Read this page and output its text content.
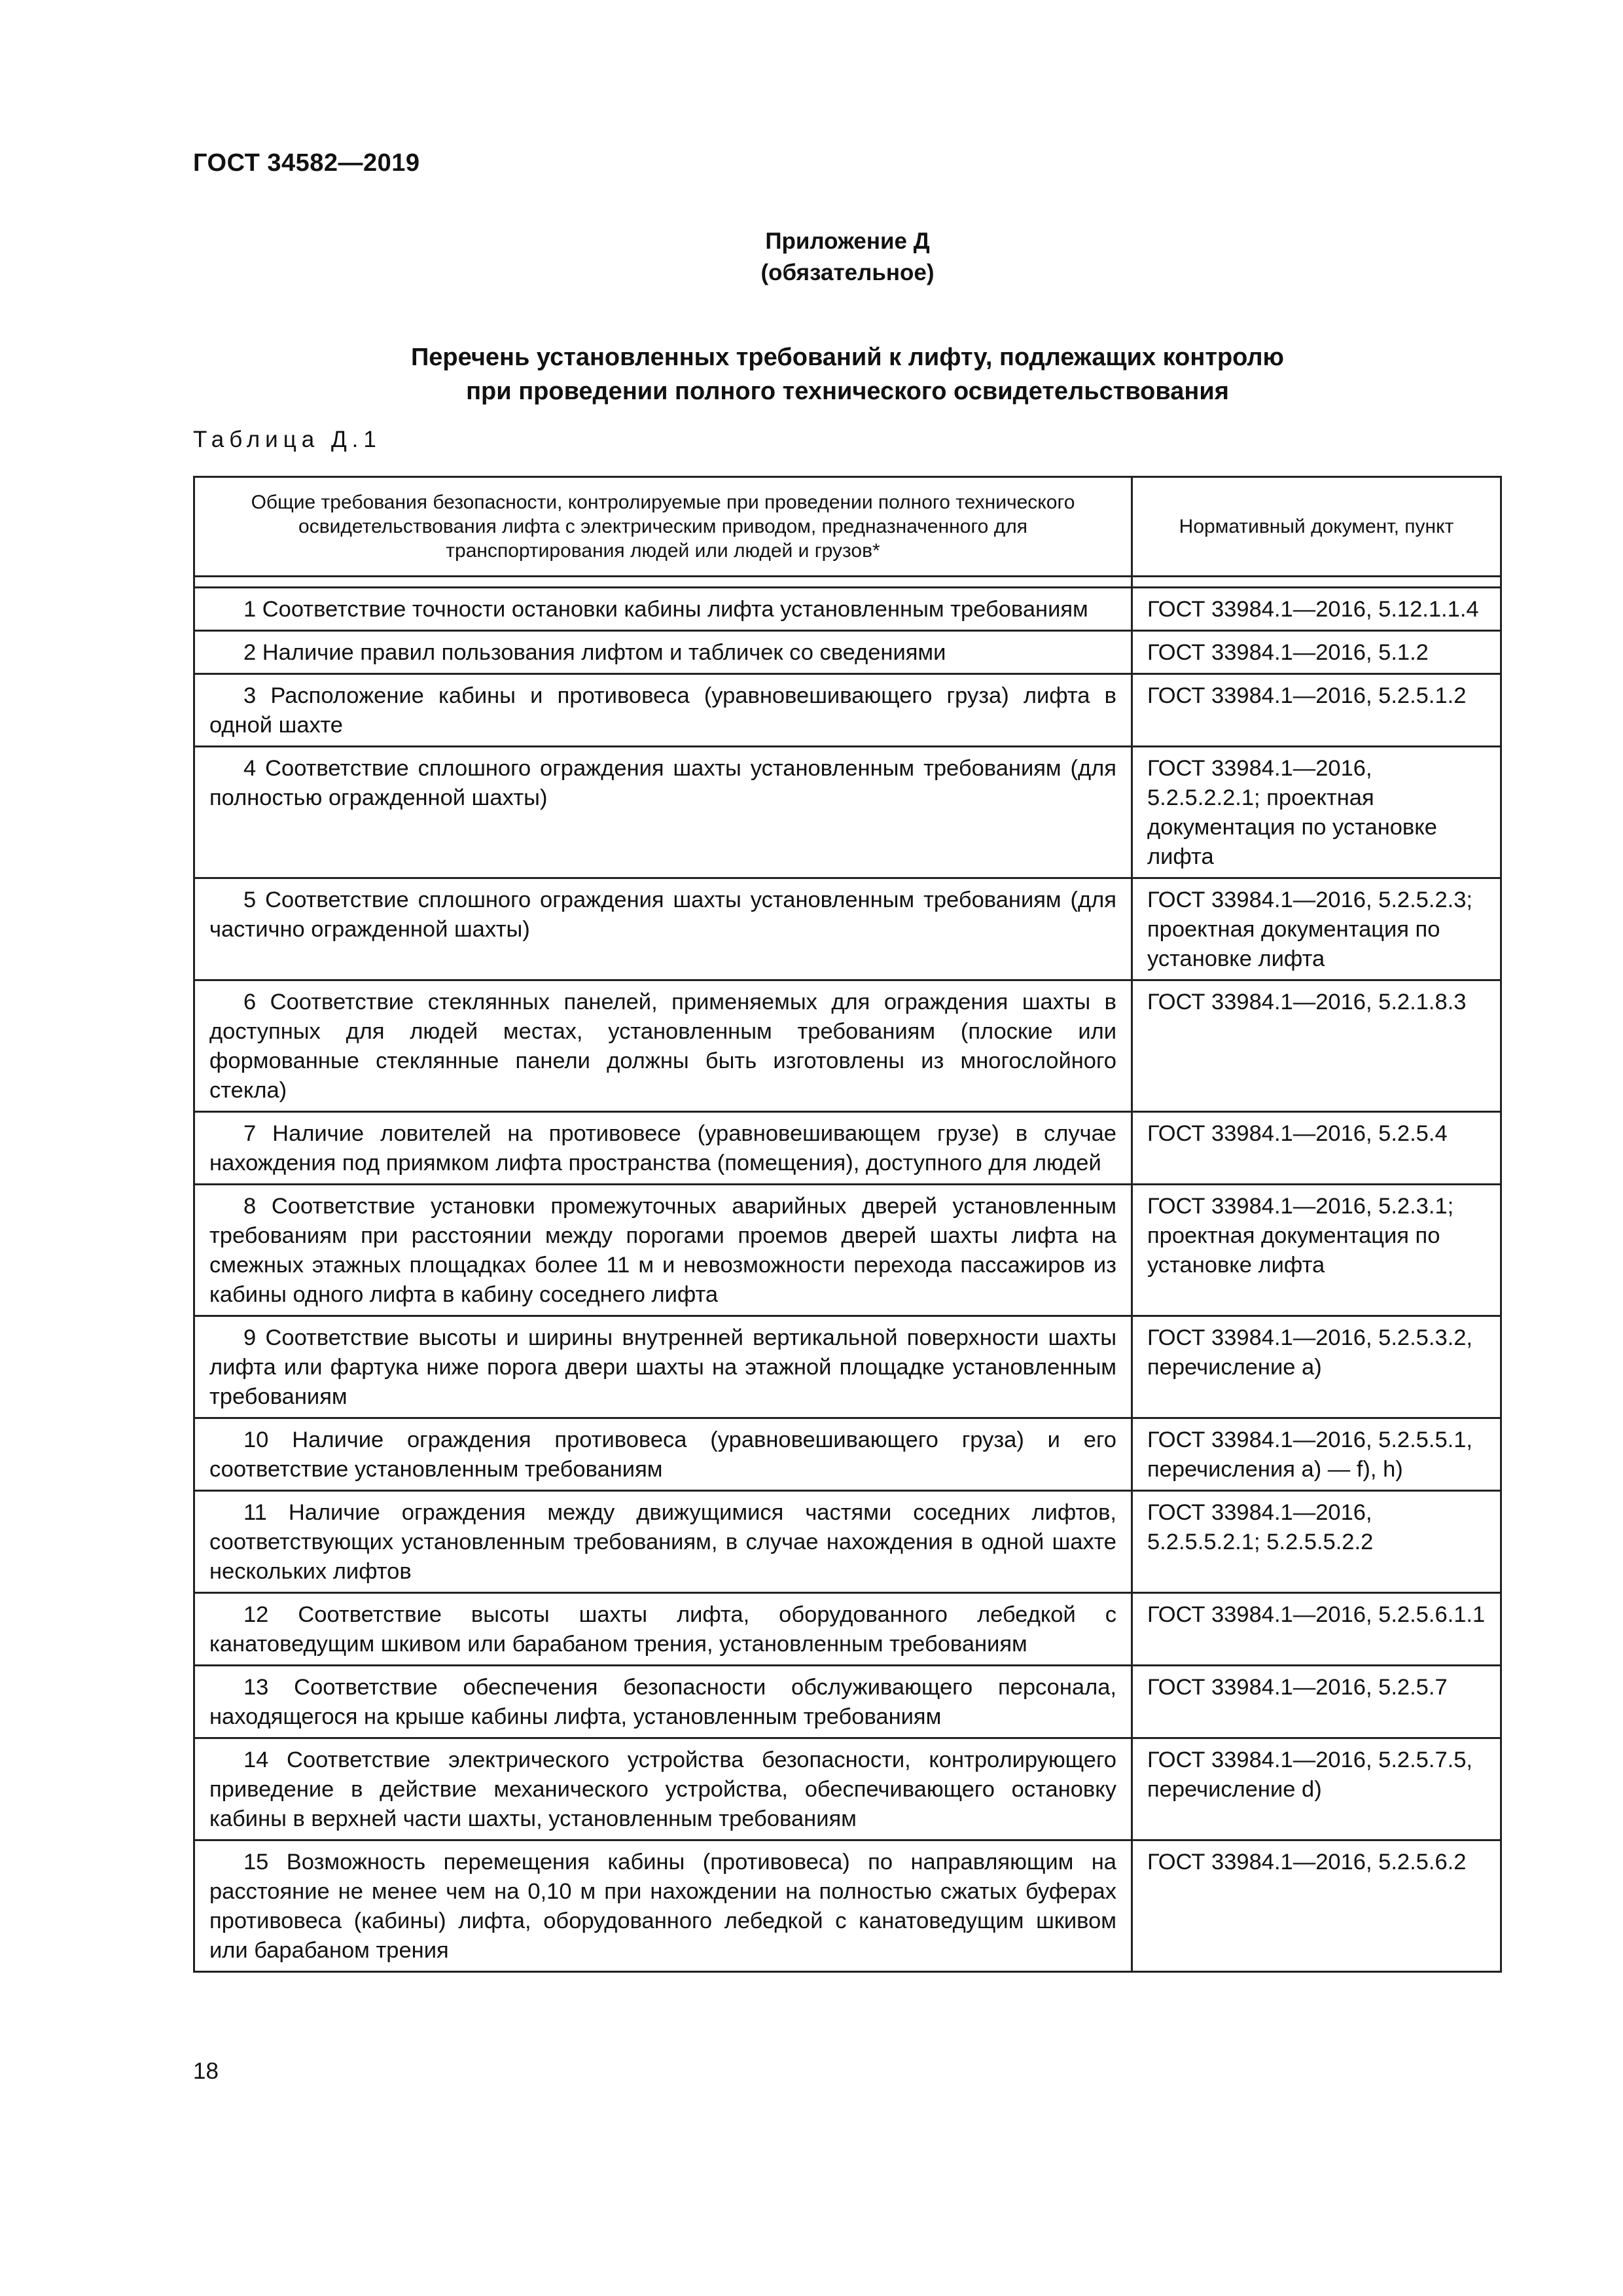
ГОСТ 34582—2019
Приложение Д
(обязательное)
Перечень установленных требований к лифту, подлежащих контролю
при проведении полного технического освидетельствования
Таблица Д.1
Общие требования безопасности, контролируемые при проведении полного технического освидетельствования лифта с электрическим приводом, предназначенного для транспортирования людей или людей и грузов*	Нормативный документ, пункт

1 Соответствие точности остановки кабины лифта установленным требованиям	ГОСТ 33984.1—2016, 5.12.1.1.4
2 Наличие правил пользования лифтом и табличек со сведениями	ГОСТ 33984.1—2016, 5.1.2
3 Расположение кабины и противовеса (уравновешивающего груза) лифта в одной шахте	ГОСТ 33984.1—2016, 5.2.5.1.2
4 Соответствие сплошного ограждения шахты установленным требованиям (для полностью огражденной шахты)	ГОСТ 33984.1—2016, 5.2.5.2.2.1; проектная документация по установке лифта
5 Соответствие сплошного ограждения шахты установленным требованиям (для частично огражденной шахты)	ГОСТ 33984.1—2016, 5.2.5.2.3; проектная документация по установке лифта
6 Соответствие стеклянных панелей, применяемых для ограждения шахты в доступных для людей местах, установленным требованиям (плоские или формованные стеклянные панели должны быть изготовлены из многослойного стекла)	ГОСТ 33984.1—2016, 5.2.1.8.3
7 Наличие ловителей на противовесе (уравновешивающем грузе) в случае нахождения под приямком лифта пространства (помещения), доступного для людей	ГОСТ 33984.1—2016, 5.2.5.4
8 Соответствие установки промежуточных аварийных дверей установленным требованиям при расстоянии между порогами проемов дверей шахты лифта на смежных этажных площадках более 11 м и невозможности перехода пассажиров из кабины одного лифта в кабину соседнего лифта	ГОСТ 33984.1—2016, 5.2.3.1; проектная документация по установке лифта
9 Соответствие высоты и ширины внутренней вертикальной поверхности шахты лифта или фартука ниже порога двери шахты на этажной площадке установленным требованиям	ГОСТ 33984.1—2016, 5.2.5.3.2, перечисление а)
10 Наличие ограждения противовеса (уравновешивающего груза) и его соответствие установленным требованиям	ГОСТ 33984.1—2016, 5.2.5.5.1, перечисления а) — f), h)
11 Наличие ограждения между движущимися частями соседних лифтов, соответствующих установленным требованиям, в случае нахождения в одной шахте нескольких лифтов	ГОСТ 33984.1—2016, 5.2.5.5.2.1; 5.2.5.5.2.2
12 Соответствие высоты шахты лифта, оборудованного лебедкой с канатоведущим шкивом или барабаном трения, установленным требованиям	ГОСТ 33984.1—2016, 5.2.5.6.1.1
13 Соответствие обеспечения безопасности обслуживающего персонала, находящегося на крыше кабины лифта, установленным требованиям	ГОСТ 33984.1—2016, 5.2.5.7
14 Соответствие электрического устройства безопасности, контролирующего приведение в действие механического устройства, обеспечивающего остановку кабины в верхней части шахты, установленным требованиям	ГОСТ 33984.1—2016, 5.2.5.7.5, перечисление d)
15 Возможность перемещения кабины (противовеса) по направляющим на расстояние не менее чем на 0,10 м при нахождении на полностью сжатых буферах противовеса (кабины) лифта, оборудованного лебедкой с канатоведущим шкивом или барабаном трения	ГОСТ 33984.1—2016, 5.2.5.6.2
18
